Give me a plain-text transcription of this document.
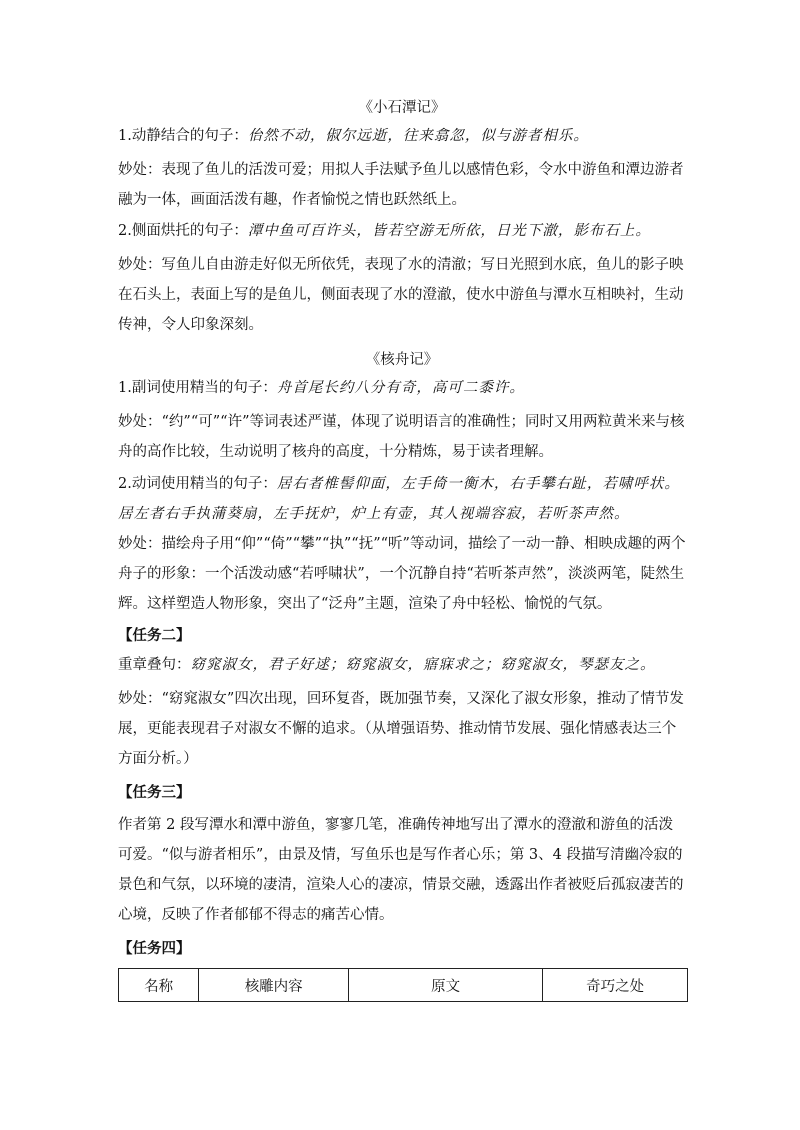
《小石潭记》
1.动静结合的句子：佁然不动，俶尔远逝，往来翕忽，似与游者相乐。
妙处：表现了鱼儿的活泼可爱；用拟人手法赋予鱼儿以感情色彩，令水中游鱼和潭边游者融为一体，画面活泼有趣，作者愉悦之情也跃然纸上。
2.侧面烘托的句子：潭中鱼可百许头，皆若空游无所依，日光下澈，影布石上。
妙处：写鱼儿自由游走好似无所依凭，表现了水的清澈；写日光照到水底，鱼儿的影子映在石头上，表面上写的是鱼儿，侧面表现了水的澄澈，使水中游鱼与潭水互相映衬，生动传神，令人印象深刻。
《核舟记》
1.副词使用精当的句子：舟首尾长约八分有奇，高可二黍许。
妙处：“约”“可”“许”等词表述严谨，体现了说明语言的准确性；同时又用两粒黄米来与核舟的高作比较，生动说明了核舟的高度，十分精炼，易于读者理解。
2.动词使用精当的句子：居右者椎髻仰面，左手倚一衡木，右手攀右趾，若啸呼状。居左者右手执蒲葵扇，左手抚炉，炉上有壶，其人视端容寂，若听茶声然。
妙处：描绘舟子用“仰”“倚”“攀”“执”“抚”“听”等动词，描绘了一动一静、相映成趣的两个舟子的形象：一个活泼动感“若呼啸状”，一个沉静自持“若听茶声然”，淡淡两笔，陡然生辉。这样塑造人物形象，突出了“泛舟”主题，渲染了舟中轻松、愉悦的气氛。
【任务二】
重章叠句：窈窕淑女，君子好逑；窈窕淑女，寤寐求之；窈窕淑女，琴瑟友之。
妙处：“窈窕淑女”四次出现，回环复沓，既加强节奏，又深化了淑女形象，推动了情节发展，更能表现君子对淑女不懈的追求。（从增强语势、推动情节发展、强化情感表达三个方面分析。）
【任务三】
作者第 2 段写潭水和潭中游鱼，寥寥几笔，准确传神地写出了潭水的澄澈和游鱼的活泼可爱。“似与游者相乐”，由景及情，写鱼乐也是写作者心乐；第 3、4 段描写清幽冷寂的景色和气氛，以环境的凄清，渲染人心的凄凉，情景交融，透露出作者被贬后孤寂凄苦的心境，反映了作者郁郁不得志的痛苦心情。
【任务四】
名称	核雕内容	原文	奇巧之处
